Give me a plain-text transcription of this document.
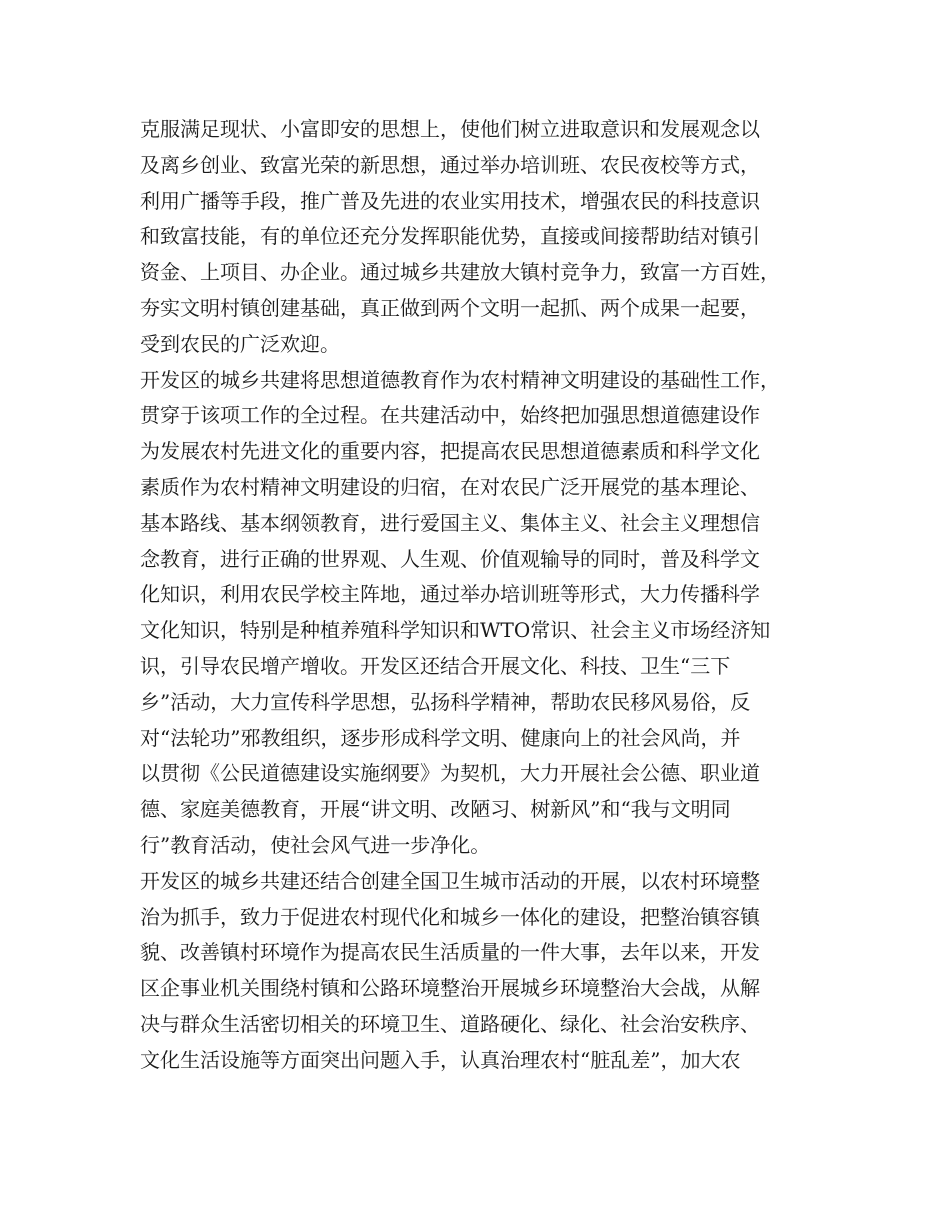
克服满足现状、小富即安的思想上，使他们树立进取意识和发展观念以
及离乡创业、致富光荣的新思想，通过举办培训班、农民夜校等方式，
利用广播等手段，推广普及先进的农业实用技术，增强农民的科技意识
和致富技能，有的单位还充分发挥职能优势，直接或间接帮助结对镇引
资金、上项目、办企业。通过城乡共建放大镇村竞争力，致富一方百姓，
夯实文明村镇创建基础，真正做到两个文明一起抓、两个成果一起要，
受到农民的广泛欢迎。
开发区的城乡共建将思想道德教育作为农村精神文明建设的基础性工作，
贯穿于该项工作的全过程。在共建活动中，始终把加强思想道德建设作
为发展农村先进文化的重要内容，把提高农民思想道德素质和科学文化
素质作为农村精神文明建设的归宿，在对农民广泛开展党的基本理论、
基本路线、基本纲领教育，进行爱国主义、集体主义、社会主义理想信
念教育，进行正确的世界观、人生观、价值观输导的同时，普及科学文
化知识，利用农民学校主阵地，通过举办培训班等形式，大力传播科学
文化知识，特别是种植养殖科学知识和WTO常识、社会主义市场经济知
识，引导农民增产增收。开发区还结合开展文化、科技、卫生“三下
乡”活动，大力宣传科学思想，弘扬科学精神，帮助农民移风易俗，反
对“法轮功”邪教组织，逐步形成科学文明、健康向上的社会风尚，并
以贯彻《公民道德建设实施纲要》为契机，大力开展社会公德、职业道
德、家庭美德教育，开展“讲文明、改陋习、树新风”和“我与文明同
行”教育活动，使社会风气进一步净化。
开发区的城乡共建还结合创建全国卫生城市活动的开展，以农村环境整
治为抓手，致力于促进农村现代化和城乡一体化的建设，把整治镇容镇
貌、改善镇村环境作为提高农民生活质量的一件大事，去年以来，开发
区企事业机关围绕村镇和公路环境整治开展城乡环境整治大会战，从解
决与群众生活密切相关的环境卫生、道路硬化、绿化、社会治安秩序、
文化生活设施等方面突出问题入手，认真治理农村“脏乱差”，加大农
